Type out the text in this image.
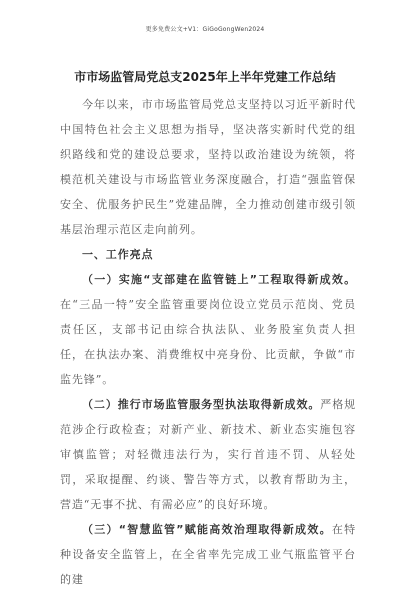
更多免费公文+V1：GiGoGongWen2024
市市场监管局党总支2025年上半年党建工作总结

今年以来，市市场监管局党总支坚持以习近平新时代中国特色社会主义思想为指导，坚决落实新时代党的组织路线和党的建设总要求，坚持以政治建设为统领，将模范机关建设与市场监管业务深度融合，打造“强监管保安全、优服务护民生”党建品牌，全力推动创建市级引领基层治理示范区走向前列。

一、工作亮点

（一）实施“支部建在监管链上”工程取得新成效。在“三品一特”安全监管重要岗位设立党员示范岗、党员责任区，支部书记由综合执法队、业务股室负责人担任，在执法办案、消费维权中亮身份、比贡献，争做“市监先锋”。

（二）推行市场监管服务型执法取得新成效。严格规范涉企行政检查；对新产业、新技术、新业态实施包容审慎监管；对轻微违法行为，实行首违不罚、从轻处罚，采取提醒、约谈、警告等方式，以教育帮助为主，营造“无事不扰、有需必应”的良好环境。

（三）“智慧监管”赋能高效治理取得新成效。在特种设备安全监管上，在全省率先完成工业气瓶监管平台的建
